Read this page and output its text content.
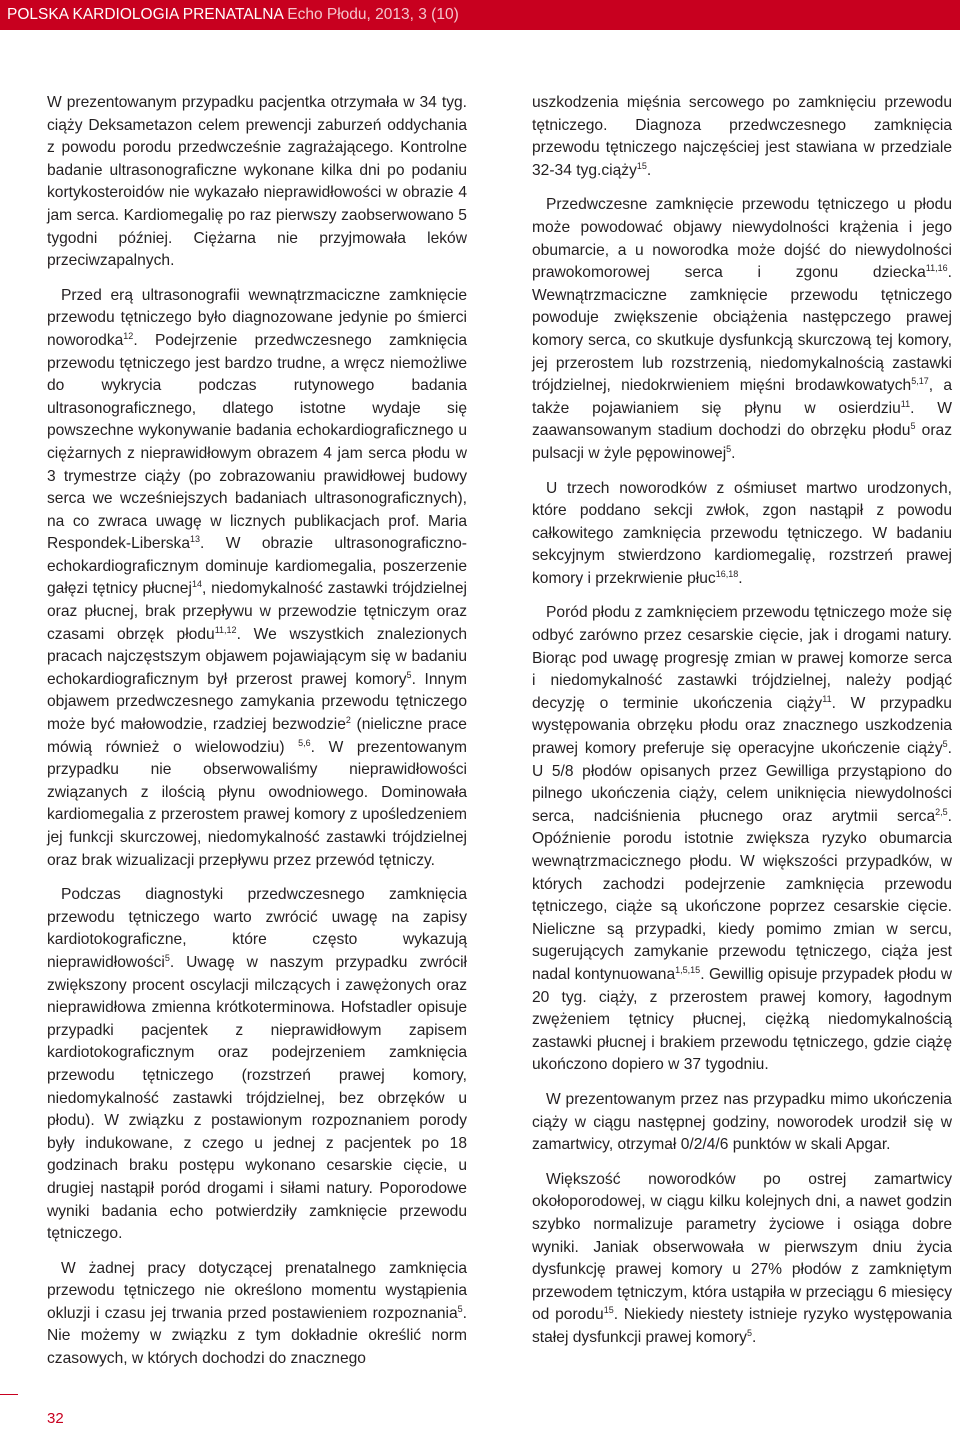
POLSKA KARDIOLOGIA PRENATALNA Echo Płodu, 2013, 3 (10)

W prezentowanym przypadku pacjentka otrzymała w 34 tyg. ciąży Deksametazon celem prewencji zaburzeń oddychania z powodu porodu przedwcześnie zagrażającego. Kontrolne badanie ultrasonograficzne wykonane kilka dni po podaniu kortykosteroidów nie wykazało nieprawidłowości w obrazie 4 jam serca. Kardiomegalię po raz pierwszy zaobserwowano 5 tygodni później. Ciężarna nie przyjmowała leków przeciwzapalnych.

Przed erą ultrasonografii wewnątrzmaciczne zamknięcie przewodu tętniczego było diagnozowane jedynie po śmierci noworodka$^{12}$. Podejrzenie przedwczesnego zamknięcia przewodu tętniczego jest bardzo trudne, a wręcz niemożliwe do wykrycia podczas rutynowego badania ultrasonograficznego, dlatego istotne wydaje się powszechne wykonywanie badania echokardiograficznego u ciężarnych z nieprawidłowym obrazem 4 jam serca płodu w 3 trymestrze ciąży (po zobrazowaniu prawidłowej budowy serca we wcześniejszych badaniach ultrasonograficznych), na co zwraca uwagę w licznych publikacjach prof. Maria Respondek-Liberska$^{13}$. W obrazie ultrasonograficzno-echokardiograficznym dominuje kardiomegalia, poszerzenie gałęzi tętnicy płucnej$^{14}$, niedomykalność zastawki trójdzielnej oraz płucnej, brak przepływu w przewodzie tętniczym oraz czasami obrzęk płodu$^{11,12}$. We wszystkich znalezionych pracach najczęstszym objawem pojawiającym się w badaniu echokardiograficznym był przerost prawej komory$^5$. Innym objawem przedwczesnego zamykania przewodu tętniczego może być małowodzie, rzadziej bezwodzie$^2$ (nieliczne prace mówią również o wielowodziu) $^{5,6}$. W prezentowanym przypadku nie obserwowaliśmy nieprawidłowości związanych z ilością płynu owodniowego. Dominowała kardiomegalia z przerostem prawej komory z upośledzeniem jej funkcji skurczowej, niedomykalność zastawki trójdzielnej oraz brak wizualizacji przepływu przez przewód tętniczy.

Podczas diagnostyki przedwczesnego zamknięcia przewodu tętniczego warto zwrócić uwagę na zapisy kardiotokograficzne, które często wykazują nieprawidłowości$^5$. Uwagę w naszym przypadku zwrócił zwiększony procent oscylacji milczących i zawężonych oraz nieprawidłowa zmienna krótkoterminowa. Hofstadler opisuje przypadki pacjentek z nieprawidłowym zapisem kardiotokograficznym oraz podejrzeniem zamknięcia przewodu tętniczego (rozstrzeń prawej komory, niedomykalność zastawki trójdzielnej, bez obrzęków u płodu). W związku z postawionym rozpoznaniem porody były indukowane, z czego u jednej z pacjentek po 18 godzinach braku postępu wykonano cesarskie cięcie, u drugiej nastąpił poród drogami i siłami natury. Poporodowe wyniki badania echo potwierdziły zamknięcie przewodu tętniczego.

W żadnej pracy dotyczącej prenatalnego zamknięcia przewodu tętniczego nie określono momentu wystąpienia okluzji i czasu jej trwania przed postawieniem rozpoznania$^5$. Nie możemy w związku z tym dokładnie określić norm czasowych, w których dochodzi do znacznego

uszkodzenia mięśnia sercowego po zamknięciu przewodu tętniczego. Diagnoza przedwczesnego zamknięcia przewodu tętniczego najczęściej jest stawiana w przedziale 32-34 tyg.ciąży$^{15}$.

Przedwczesne zamknięcie przewodu tętniczego u płodu może powodować objawy niewydolności krążenia i jego obumarcie, a u noworodka może dojść do niewydolności prawokomorowej serca i zgonu dziecka$^{11,16}$. Wewnątrzmaciczne zamknięcie przewodu tętniczego powoduje zwiększenie obciążenia następczego prawej komory serca, co skutkuje dysfunkcją skurczową tej komory, jej przerostem lub rozstrzenią, niedomykalnością zastawki trójdzielnej, niedokrwieniem mięśni brodawkowatych$^{5,17}$, a także pojawianiem się płynu w osierdziu$^{11}$. W zaawansowanym stadium dochodzi do obrzęku płodu$^5$ oraz pulsacji w żyle pępowinowej$^5$.

U trzech noworodków z ośmiuset martwo urodzonych, które poddano sekcji zwłok, zgon nastąpił z powodu całkowitego zamknięcia przewodu tętniczego. W badaniu sekcyjnym stwierdzono kardiomegalię, rozstrzeń prawej komory i przekrwienie płuc$^{16,18}$.

Poród płodu z zamknięciem przewodu tętniczego może się odbyć zarówno przez cesarskie cięcie, jak i drogami natury. Biorąc pod uwagę progresję zmian w prawej komorze serca i niedomykalność zastawki trójdzielnej, należy podjąć decyzję o terminie ukończenia ciąży$^{11}$. W przypadku występowania obrzęku płodu oraz znacznego uszkodzenia prawej komory preferuje się operacyjne ukończenie ciąży$^5$. U 5/8 płodów opisanych przez Gewilliga przystąpiono do pilnego ukończenia ciąży, celem uniknięcia niewydolności serca, nadciśnienia płucnego oraz arytmii serca$^{2,5}$. Opóźnienie porodu istotnie zwiększa ryzyko obumarcia wewnątrzmacicznego płodu. W większości przypadków, w których zachodzi podejrzenie zamknięcia przewodu tętniczego, ciąże są ukończone poprzez cesarskie cięcie. Nieliczne są przypadki, kiedy pomimo zmian w sercu, sugerujących zamykanie przewodu tętniczego, ciąża jest nadal kontynuowana$^{1,5,15}$. Gewillig opisuje przypadek płodu w 20 tyg. ciąży, z przerostem prawej komory, łagodnym zwężeniem tętnicy płucnej, ciężką niedomykalnością zastawki płucnej i brakiem przewodu tętniczego, gdzie ciążę ukończono dopiero w 37 tygodniu.

W prezentowanym przez nas przypadku mimo ukończenia ciąży w ciągu następnej godziny, noworodek urodził się w zamartwicy, otrzymał 0/2/4/6 punktów w skali Apgar.

Większość noworodków po ostrej zamartwicy okołoporodowej, w ciągu kilku kolejnych dni, a nawet godzin szybko normalizuje parametry życiowe i osiąga dobre wyniki. Janiak obserwowała w pierwszym dniu życia dysfunkcję prawej komory u 27% płodów z zamkniętym przewodem tętniczym, która ustąpiła w przeciągu 6 miesięcy od porodu$^{15}$. Niekiedy niestety istnieje ryzyko występowania stałej dysfunkcji prawej komory$^5$.

32
